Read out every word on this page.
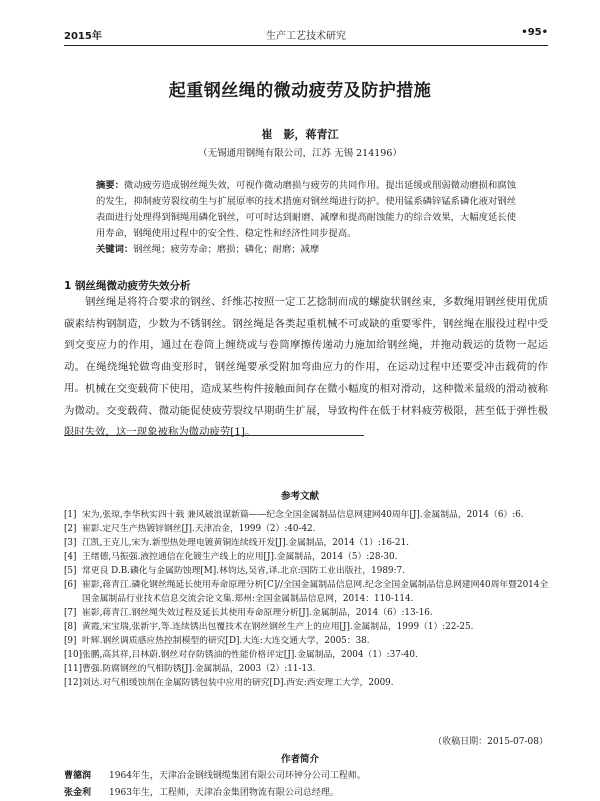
2015年	生产工艺技术研究	•95•
起重钢丝绳的微动疲劳及防护措施
崔　影，蒋青江
（无锡通用钢绳有限公司，江苏 无锡 214196）
摘要：微动疲劳造成钢丝绳失效，可视作微动磨损与疲劳的共同作用。提出延缓或削弱微动磨损和腐蚀的发生，抑制疲劳裂纹萌生与扩展原率的技术措施对钢丝绳进行防护。使用锰系磷锌锰系磷化液对钢丝表面进行处理得到铜绳用磷化钢丝，可可时达到耐磨、减摩和提高耐蚀能力的综合效果，大幅度延长使用寿命，钢绳使用过程中的安全性、稳定性和经济性同步提高。
关键词：钢丝绳；疲劳寿命；磨损；磷化；耐磨；减摩
1 钢丝绳微动疲劳失效分析

钢丝绳是将符合要求的钢丝、纤维芯按照一定工艺捻制而成的螺旋状钢丝束，多数绳用钢丝使用优质碳素结构钢制造，少数为不锈钢丝。钢丝绳是各类起重机械不可或缺的重要零件，钢丝绳在服役过程中受到交变应力的作用，通过在卷筒上缠绕或与卷筒摩擦传递动力施加给钢丝绳，并拖动载运的货物一起运动。在绳绕绳轮做弯曲变形时，钢丝绳要承受附加弯曲应力的作用，在运动过程中还要受冲击载荷的作用。 机械在交变载荷下使用，造成某些构件接触面间存在微小幅度的相对滑动，这种微米量级的滑动被称为微动。交变载荷、微动能促使疲劳裂纹早期萌生扩展，导致构件在低于材料疲劳极限，甚至低于弹性极限时失效，这一现象被称为微动疲劳[1]。

参考文献
[1] 宋为,张琼,李华秋实四十载 兼风破浪谋新篇——纪念全国金属制品信息网建网40周年[J].金属制品，2014（6）:6.
[2] 崔影.定尺生产热镀锌钢丝[J].天津冶金，1999（2）:40-42.
[3] 江凯,王克儿,宋为.新型热处理电镀黄铜连续线开发[J].金属制品，2014（1）:16-21.
[4] 王绪德,马振强.液控通信在化镀生产线上的应用[J].金属制品，2014（5）:28-30.
[5] 常更良 D.B.磷化与金属防蚀理[M].林钧达,吴省,译.北京:国防工业出版社，1989:7.
[6] 崔影,蒋青江.磷化钢丝绳延长使用寿命原理分析[C]//全国金属制品信息网.纪念全国金属制品信息网建网40周年暨2014全国金属制品行业技术信息交流会论文集.郑州:全国金属制品信息网，2014：110-114.
[7] 崔影,蒋青江.钢丝绳失效过程及延长其使用寿命原理分析[J].金属制品，2014（6）:13-16.
[8] 黄霞,宋宝瑞,张新宇,等.连续锈出包覆技术在钢丝钢丝生产上的应用[J].金属制品，1999（1）:22-25.
[9] 叶辉.钢丝调质感应热控制模型的研究[D].大连:大连交通大学，2005：38.
[10] 张鹏,高其祥,吕林蔚.钢丝对存防锈油的性能价格评定[J].金属制品，2004（1）:37-40.
[11] 曹强.防腐钢丝的气相防锈[J].金属制品，2003（2）:11-13.
[12] 刘达.对气相缓蚀剂在金属防锈包装中应用的研究[D].西安:西安理工大学，2009.
（收稿日期：2015-07-08）
作者简介
曹德润 1964年生，天津冶金钢线钢缆集团有限公司环钟分公司工程师。
张金利 1963年生，工程师，天津冶金集团物流有限公司总经理。
